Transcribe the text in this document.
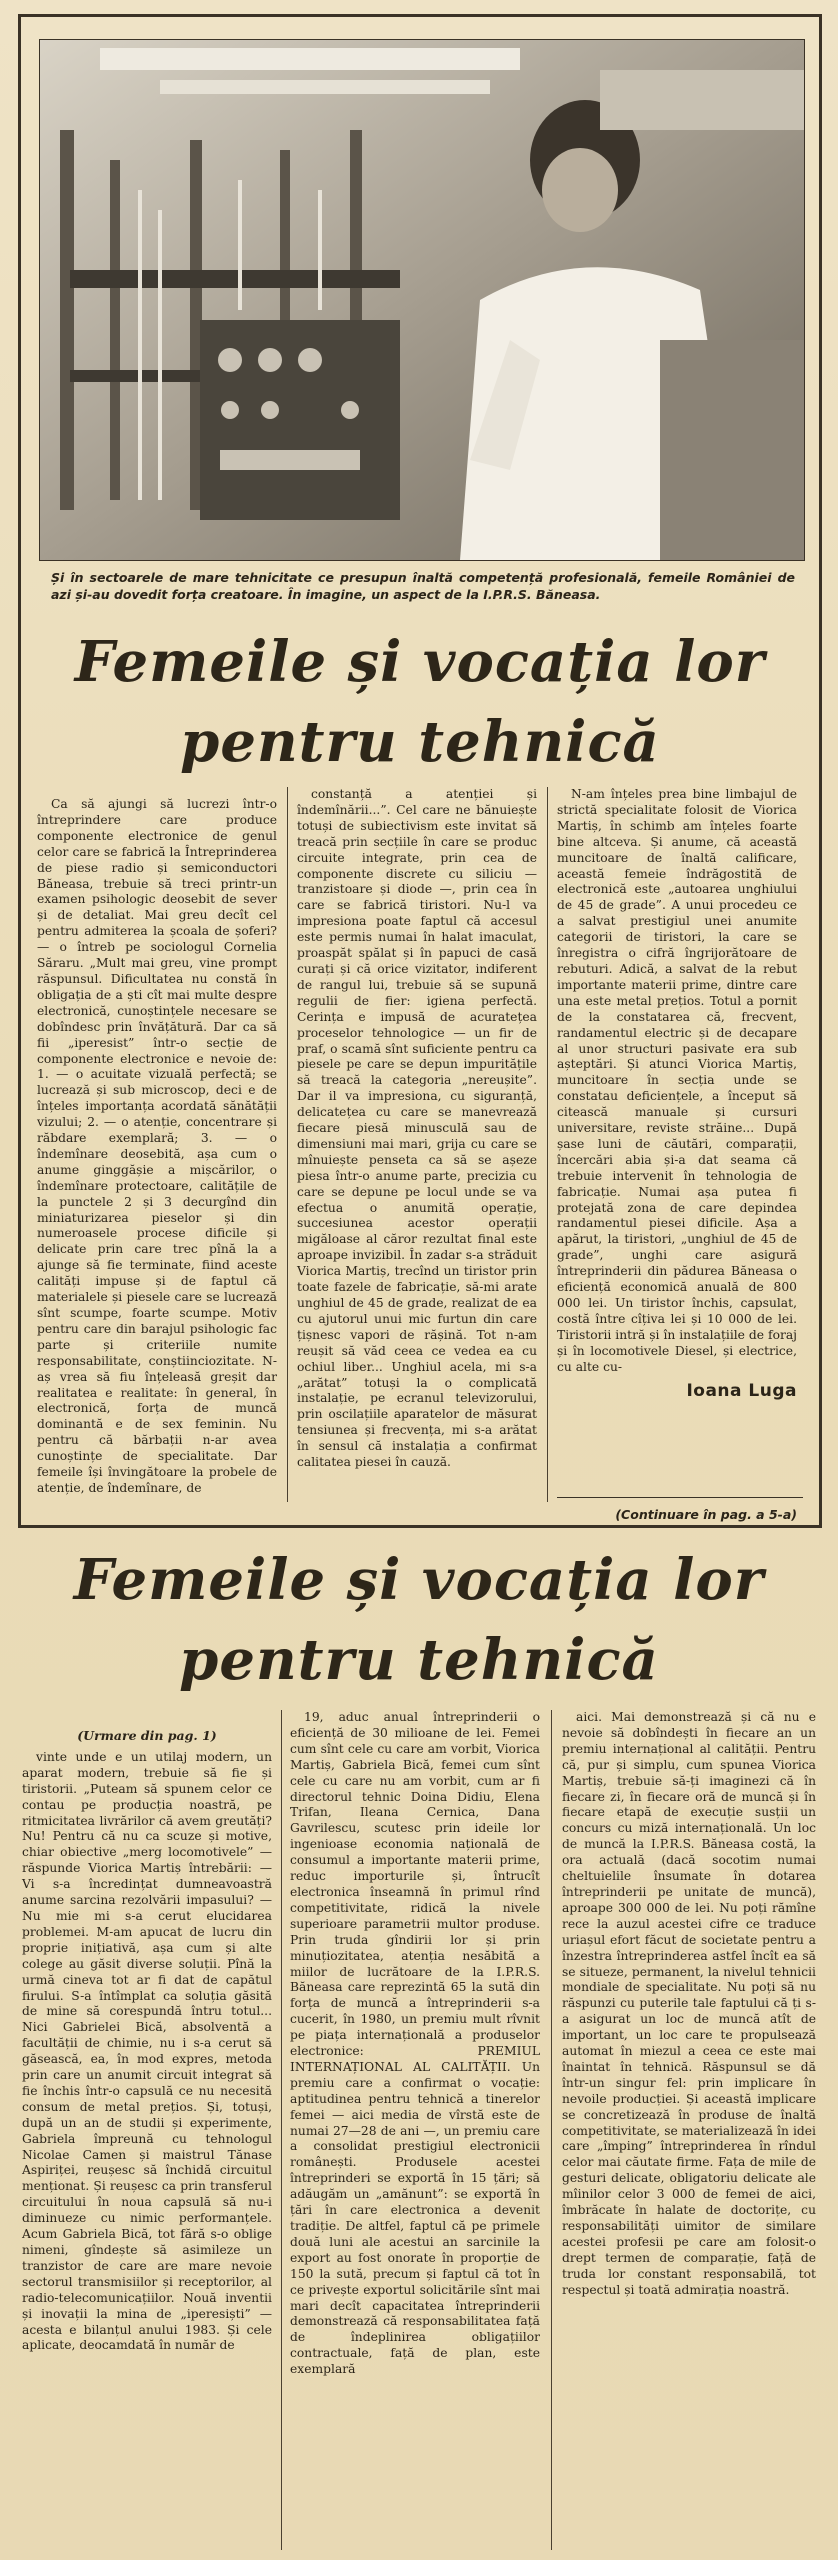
Și în sectoarele de mare tehnicitate ce presupun înaltă competență profesională, femeile României de azi și-au dovedit forța creatoare. În imagine, un aspect de la I.P.R.S. Băneasa.
Femeile și vocația lor
pentru tehnică

Ca să ajungi să lucrezi într-o întreprindere care produce componente electronice de genul celor care se fabrică la Întreprinderea de piese radio și semiconductori Băneasa, trebuie să treci printr-un examen psihologic deosebit de sever și de detaliat. Mai greu decît cel pentru admiterea la școala de șoferi? — o întreb pe sociologul Cornelia Săraru. „Mult mai greu, vine prompt răspunsul. Dificultatea nu constă în obligația de a ști cît mai multe despre electronică, cunoștințele necesare se dobîndesc prin învățătură. Dar ca să fii „iperesist” într-o secție de componente electronice e nevoie de: 1. — o acuitate vizuală perfectă; se lucrează și sub microscop, deci e de înțeles importanța acordată sănătății vizului; 2. — o atenție, concentrare și răbdare exemplară; 3. — o îndemînare deosebită, așa cum o anume ginggășie a mișcărilor, o îndemînare protectoare, calitățile de la punctele 2 și 3 decurgînd din miniaturizarea pieselor și din numeroasele procese dificile și delicate prin care trec pînă la a ajunge să fie terminate, fiind aceste calități impuse și de faptul că materialele și piesele care se lucrează sînt scumpe, foarte scumpe. Motiv pentru care din barajul psihologic fac parte și criteriile numite responsabilitate, conștiinciozitate. N-aș vrea să fiu înțeleasă greșit dar realitatea e realitate: în general, în electronică, forța de muncă dominantă e de sex feminin. Nu pentru că bărbații n-ar avea cunoștințe de specialitate. Dar femeile își învingătoare la probele de atenție, de îndemînare, de

constanță a atenției și îndemînării...”. Cel care ne bănuiește totuși de subiectivism este invitat să treacă prin secțiile în care se produc circuite integrate, prin cea de componente discrete cu siliciu — tranzistoare și diode —, prin cea în care se fabrică tiristori. Nu-l va impresiona poate faptul că accesul este permis numai în halat imaculat, proaspăt spălat și în papuci de casă curați și că orice vizitator, indiferent de rangul lui, trebuie să se supună regulii de fier: igiena perfectă. Cerința e impusă de acuratețea proceselor tehnologice — un fir de praf, o scamă sînt suficiente pentru ca piesele pe care se depun impuritățile să treacă la categoria „nereușite”. Dar il va impresiona, cu siguranță, delicatețea cu care se manevrează fiecare piesă minusculă sau de dimensiuni mai mari, grija cu care se mînuiește penseta ca să se așeze piesa într-o anume parte, precizia cu care se depune pe locul unde se va efectua o anumită operație, succesiunea acestor operații migăloase al căror rezultat final este aproape invizibil. În zadar s-a străduit Viorica Martiș, trecînd un tiristor prin toate fazele de fabricație, să-mi arate unghiul de 45 de grade, realizat de ea cu ajutorul unui mic furtun din care țișnesc vapori de rășină. Tot n-am reușit să văd ceea ce vedea ea cu ochiul liber... Unghiul acela, mi s-a „arătat” totuși la o complicată instalație, pe ecranul televizorului, prin oscilațiile aparatelor de măsurat tensiunea și frecvența, mi s-a arătat în sensul că instalația a confirmat calitatea piesei în cauză.

N-am înțeles prea bine limbajul de strictă specialitate folosit de Viorica Martiș, în schimb am înțeles foarte bine altceva. Și anume, că această muncitoare de înaltă calificare, această femeie îndrăgostită de electronică este „autoarea unghiului de 45 de grade”. A unui procedeu ce a salvat prestigiul unei anumite categorii de tiristori, la care se înregistra o cifră îngrijorătoare de rebuturi. Adică, a salvat de la rebut importante materii prime, dintre care una este metal prețios. Totul a pornit de la constatarea că, frecvent, randamentul electric și de decapare al unor structuri pasivate era sub așteptări. Și atunci Viorica Martiș, muncitoare în secția unde se constatau deficiențele, a început să citească manuale și cursuri universitare, reviste străine... După șase luni de căutări, comparații, încercări abia și-a dat seama că trebuie intervenit în tehnologia de fabricație. Numai așa putea fi protejată zona de care depindea randamentul piesei dificile. Așa a apărut, la tiristori, „unghiul de 45 de grade”, unghi care asigură întreprinderii din pădurea Băneasa o eficiență economică anuală de 800 000 lei. Un tiristor închis, capsulat, costă între cîțiva lei și 10 000 de lei. Tiristorii intră și în instalațiile de foraj și în locomotivele Diesel, și electrice, cu alte cu-

Ioana Luga
(Continuare în pag. a 5-a)
Femeile și vocația lor
pentru tehnică

(Urmare din pag. 1)

vinte unde e un utilaj modern, un aparat modern, trebuie să fie și tiristorii. „Puteam să spunem celor ce contau pe producția noastră, pe ritmicitatea livrărilor că avem greutăți? Nu! Pentru că nu ca scuze și motive, chiar obiective „merg locomotivele” — răspunde Viorica Martiș întrebării: — Vi s-a încredințat dumneavoastră anume sarcina rezolvării impasului? — Nu mie mi s-a cerut elucidarea problemei. M-am apucat de lucru din proprie inițiativă, așa cum și alte colege au găsit diverse soluții. Pînă la urmă cineva tot ar fi dat de capătul firului. S-a întîmplat ca soluția găsită de mine să corespundă întru totul... Nici Gabrielei Bică, absolventă a facultății de chimie, nu i s-a cerut să găsească, ea, în mod expres, metoda prin care un anumit circuit integrat să fie închis într-o capsulă ce nu necesită consum de metal prețios. Și, totuși, după un an de studii și experimente, Gabriela împreună cu tehnologul Nicolae Camen și maistrul Tănase Aspiriței, reușesc să închidă circuitul menționat. Și reușesc ca prin transferul circuitului în noua capsulă să nu-i diminueze cu nimic performanțele. Acum Gabriela Bică, tot fără s-o oblige nimeni, gîndește să asimileze un tranzistor de care are mare nevoie sectorul transmisiilor și receptorilor, al radio-telecomunicațiilor. Nouă inventii și inovații la mina de „iperesiști” — acesta e bilanțul anului 1983. Și cele aplicate, deocamdată în număr de

19, aduc anual întreprinderii o eficiență de 30 milioane de lei. Femei cum sînt cele cu care am vorbit, Viorica Martiș, Gabriela Bică, femei cum sînt cele cu care nu am vorbit, cum ar fi directorul tehnic Doina Didiu, Elena Trifan, Ileana Cernica, Dana Gavrilescu, scutesc prin ideile lor ingenioase economia națională de consumul a importante materii prime, reduc importurile și, întrucît electronica înseamnă în primul rînd competitivitate, ridică la nivele superioare parametrii multor produse. Prin truda gîndirii lor și prin minuțiozitatea, atenția nesăbită a miilor de lucrătoare de la I.P.R.S. Băneasa care reprezintă 65 la sută din forța de muncă a întreprinderii s-a cucerit, în 1980, un premiu mult rîvnit pe piața internațională a produselor electronice: PREMIUL INTERNAȚIONAL AL CALITĂȚII. Un premiu care a confirmat o vocație: aptitudinea pentru tehnică a tinerelor femei — aici media de vîrstă este de numai 27—28 de ani —, un premiu care a consolidat prestigiul electronicii românești. Produsele acestei întreprinderi se exportă în 15 țări; să adăugăm un „amănunt”: se exportă în țări în care electronica a devenit tradiție. De altfel, faptul că pe primele două luni ale acestui an sarcinile la export au fost onorate în proporție de 150 la sută, precum și faptul că tot în ce privește exportul solicitările sînt mai mari decît capacitatea întreprinderii demonstrează că responsabilitatea față de îndeplinirea obligațiilor contractuale, față de plan, este exemplară

aici. Mai demonstrează și că nu e nevoie să dobîndești în fiecare an un premiu internațional al calității. Pentru că, pur și simplu, cum spunea Viorica Martiș, trebuie să-ți imaginezi că în fiecare zi, în fiecare oră de muncă și în fiecare etapă de execuție susții un concurs cu miză internațională. Un loc de muncă la I.P.R.S. Băneasa costă, la ora actuală (dacă socotim numai cheltuielile însumate în dotarea întreprinderii pe unitate de muncă), aproape 300 000 de lei. Nu poți rămîne rece la auzul acestei cifre ce traduce uriașul efort făcut de societate pentru a înzestra întreprinderea astfel încît ea să se situeze, permanent, la nivelul tehnicii mondiale de specialitate. Nu poți să nu răspunzi cu puterile tale faptului că ți s-a asigurat un loc de muncă atît de important, un loc care te propulsează automat în miezul a ceea ce este mai înaintat în tehnică. Răspunsul se dă într-un singur fel: prin implicare în nevoile producției. Și această implicare se concretizează în produse de înaltă competitivitate, se materializează în idei care „împing” întreprinderea în rîndul celor mai căutate firme. Fața de mile de gesturi delicate, obligatoriu delicate ale mîinilor celor 3 000 de femei de aici, îmbrăcate în halate de doctorițe, cu responsabilități uimitor de similare acestei profesii pe care am folosit-o drept termen de comparație, față de truda lor constant responsabilă, tot respectul și toată admirația noastră.
